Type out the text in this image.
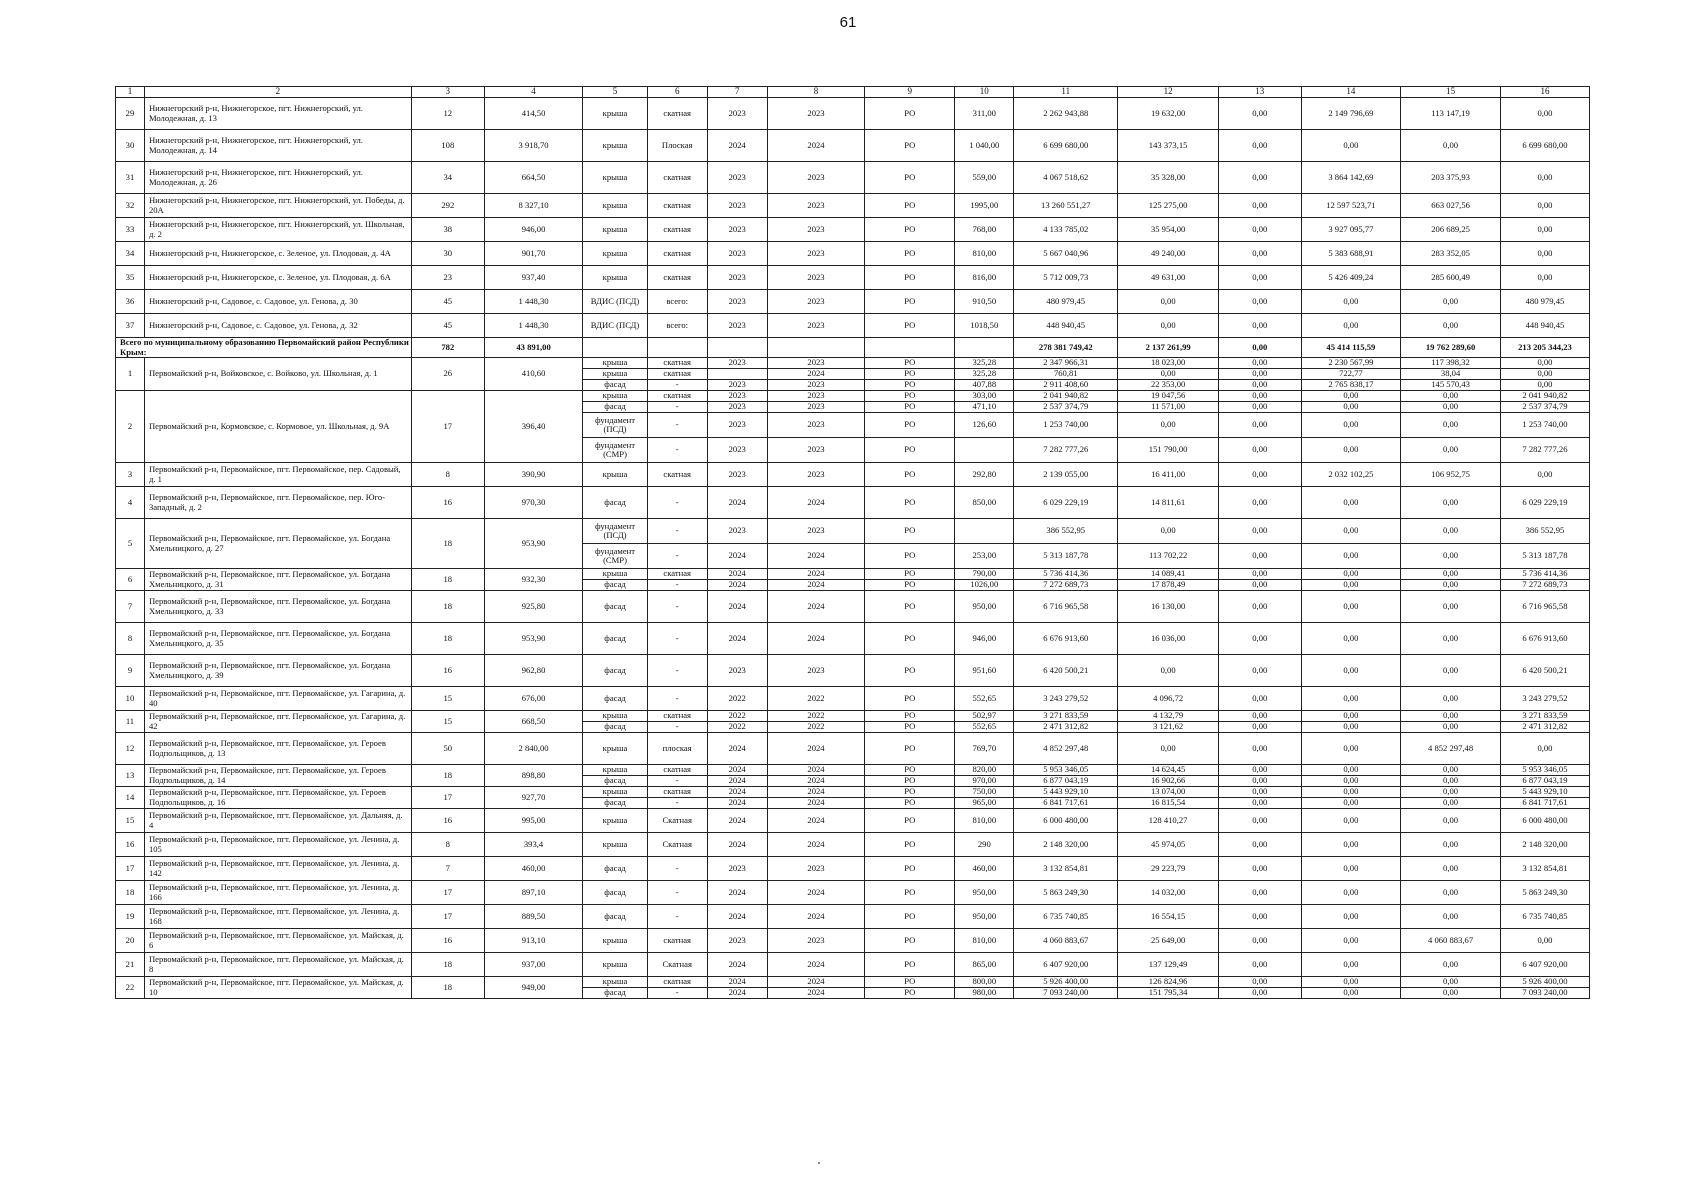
61
1	2	3	4	5	6	7	8	9	10	11	12	13	14	15	16
29	Нижнегорский р-н, Нижнегорское, пгт. Нижнегорский, ул. Молодежная, д. 13	12	414,50	крыша	скатная	2023	2023	РО	311,00	2 262 943,88	19 632,00	0,00	2 149 796,69	113 147,19	0,00
30	Нижнегорский р-н, Нижнегорское, пгт. Нижнегорский, ул. Молодежная, д. 14	108	3 918,70	крыша	Плоская	2024	2024	РО	1 040,00	6 699 680,00	143 373,15	0,00	0,00	0,00	6 699 680,00
31	Нижнегорский р-н, Нижнегорское, пгт. Нижнегорский, ул. Молодежная, д. 26	34	664,50	крыша	скатная	2023	2023	РО	559,00	4 067 518,62	35 328,00	0,00	3 864 142,69	203 375,93	0,00
32	Нижнегорский р-н, Нижнегорское, пгт. Нижнегорский, ул. Победы, д. 20А	292	8 327,10	крыша	скатная	2023	2023	РО	1995,00	13 260 551,27	125 275,00	0,00	12 597 523,71	663 027,56	0,00
33	Нижнегорский р-н, Нижнегорское, пгт. Нижнегорский, ул. Школьная, д. 2	38	946,00	крыша	скатная	2023	2023	РО	768,00	4 133 785,02	35 954,00	0,00	3 927 095,77	206 689,25	0,00
34	Нижнегорский р-н, Нижнегорское, с. Зеленое, ул. Плодовая, д. 4А	30	901,70	крыша	скатная	2023	2023	РО	810,00	5 667 040,96	49 240,00	0,00	5 383 688,91	283 352,05	0,00
35	Нижнегорский р-н, Нижнегорское, с. Зеленое, ул. Плодовая, д. 6А	23	937,40	крыша	скатная	2023	2023	РО	816,00	5 712 009,73	49 631,00	0,00	5 426 409,24	285 600,49	0,00
36	Нижнегорский р-н, Садовое, с. Садовое, ул. Генова, д. 30	45	1 448,30	ВДИС (ПСД)	всего:	2023	2023	РО	910,50	480 979,45	0,00	0,00	0,00	0,00	480 979,45
37	Нижнегорский р-н, Садовое, с. Садовое, ул. Генова, д. 32	45	1 448,30	ВДИС (ПСД)	всего:	2023	2023	РО	1018,50	448 940,45	0,00	0,00	0,00	0,00	448 940,45
Всего по муниципальному образованию Первомайский район Республики Крым:		782	43 891,00							278 381 749,42	2 137 261,99	0,00	45 414 115,59	19 762 289,60	213 205 344,23
1	Первомайский р-н, Войковское, с. Войково, ул. Школьная, д. 1	26	410,60	крыша	скатная	2023	2023	РО	325,28	2 347 966,31	18 023,00	0,00	2 230 567,99	117 398,32	0,00
				крыша	скатная		2024	РО	325,28	760,81	0,00	0,00	722,77	38,04	0,00
				фасад	-	2023	2023	РО	407,88	2 911 408,60	22 353,00	0,00	2 765 838,17	145 570,43	0,00
2	Первомайский р-н, Кормовское, с. Кормовое, ул. Школьная, д. 9А	17	396,40	крыша	скатная	2023	2023	РО	303,00	2 041 940,82	19 047,56	0,00	0,00	0,00	2 041 940,82
				фасад	-	2023	2023	РО	471,10	2 537 374,79	11 571,00	0,00	0,00	0,00	2 537 374,79
				фундамент (ПСД)	-	2023	2023	РО	126,60	1 253 740,00	0,00	0,00	0,00	0,00	1 253 740,00
				фундамент (СМР)	-	2023	2023	РО		7 282 777,26	151 790,00	0,00	0,00	0,00	7 282 777,26
3	Первомайский р-н, Первомайское, пгт. Первомайское, пер. Садовый, д. 1	8	390,90	крыша	скатная	2023	2023	РО	292,80	2 139 055,00	16 411,00	0,00	2 032 102,25	106 952,75	0,00
4	Первомайский р-н, Первомайское, пгт. Первомайское, пер. Юго-Западный, д. 2	16	970,30	фасад	-	2024	2024	РО	850,00	6 029 229,19	14 811,61	0,00	0,00	0,00	6 029 229,19
5	Первомайский р-н, Первомайское, пгт. Первомайское, ул. Богдана Хмельницкого, д. 27	18	953,90	фундамент (ПСД)	-	2023	2023	РО		386 552,95	0,00	0,00	0,00	0,00	386 552,95
				фундамент (СМР)	-	2024	2024	РО	253,00	5 313 187,78	113 702,22	0,00	0,00	0,00	5 313 187,78
6	Первомайский р-н, Первомайское, пгт. Первомайское, ул. Богдана Хмельницкого, д. 31	18	932,30	крыша	скатная	2024	2024	РО	790,00	5 736 414,36	14 089,41	0,00	0,00	0,00	5 736 414,36
				фасад	-	2024	2024	РО	1026,00	7 272 689,73	17 878,49	0,00	0,00	0,00	7 272 689,73
7	Первомайский р-н, Первомайское, пгт. Первомайское, ул. Богдана Хмельницкого, д. 33	18	925,80	фасад	-	2024	2024	РО	950,00	6 716 965,58	16 130,00	0,00	0,00	0,00	6 716 965,58
8	Первомайский р-н, Первомайское, пгт. Первомайское, ул. Богдана Хмельницкого, д. 35	18	953,90	фасад	-	2024	2024	РО	946,00	6 676 913,60	16 036,00	0,00	0,00	0,00	6 676 913,60
9	Первомайский р-н, Первомайское, пгт. Первомайское, ул. Богдана Хмельницкого, д. 39	16	962,80	фасад	-	2023	2023	РО	951,60	6 420 500,21	0,00	0,00	0,00	0,00	6 420 500,21
10	Первомайский р-н, Первомайское, пгт. Первомайское, ул. Гагарина, д. 40	15	676,00	фасад	-	2022	2022	РО	552,65	3 243 279,52	4 096,72	0,00	0,00	0,00	3 243 279,52
11	Первомайский р-н, Первомайское, пгт. Первомайское, ул. Гагарина, д. 42	15	668,50	крыша	скатная	2022	2022	РО	502,97	3 271 833,59	4 132,79	0,00	0,00	0,00	3 271 833,59
				фасад	-	2022	2022	РО	552,65	2 471 312,82	3 121,62	0,00	0,00	0,00	2 471 312,82
12	Первомайский р-н, Первомайское, пгт. Первомайское, ул. Героев Подпольщиков, д. 13	50	2 840,00	крыша	плоская	2024	2024	РО	769,70	4 852 297,48	0,00	0,00	0,00	4 852 297,48	0,00
13	Первомайский р-н, Первомайское, пгт. Первомайское, ул. Героев Подпольщиков, д. 14	18	898,80	крыша	скатная	2024	2024	РО	820,00	5 953 346,05	14 624,45	0,00	0,00	0,00	5 953 346,05
				фасад	-	2024	2024	РО	970,00	6 877 043,19	16 902,66	0,00	0,00	0,00	6 877 043,19
14	Первомайский р-н, Первомайское, пгт. Первомайское, ул. Героев Подпольщиков, д. 16	17	927,70	крыша	скатная	2024	2024	РО	750,00	5 443 929,10	13 074,00	0,00	0,00	0,00	5 443 929,10
				фасад	-	2024	2024	РО	965,00	6 841 717,61	16 815,54	0,00	0,00	0,00	6 841 717,61
15	Первомайский р-н, Первомайское, пгт. Первомайское, ул. Дальняя, д. 4	16	995,00	крыша	Скатная	2024	2024	РО	810,00	6 000 480,00	128 410,27	0,00	0,00	0,00	6 000 480,00
16	Первомайский р-н, Первомайское, пгт. Первомайское, ул. Ленина, д. 105	8	393,4	крыша	Скатная	2024	2024	РО	290	2 148 320,00	45 974,05	0,00	0,00	0,00	2 148 320,00
17	Первомайский р-н, Первомайское, пгт. Первомайское, ул. Ленина, д. 142	7	460,00	фасад	-	2023	2023	РО	460,00	3 132 854,81	29 223,79	0,00	0,00	0,00	3 132 854,81
18	Первомайский р-н, Первомайское, пгт. Первомайское, ул. Ленина, д. 166	17	897,10	фасад	-	2024	2024	РО	950,00	5 863 249,30	14 032,00	0,00	0,00	0,00	5 863 249,30
19	Первомайский р-н, Первомайское, пгт. Первомайское, ул. Ленина, д. 168	17	889,50	фасад	-	2024	2024	РО	950,00	6 735 740,85	16 554,15	0,00	0,00	0,00	6 735 740,85
20	Первомайский р-н, Первомайское, пгт. Первомайское, ул. Майская, д. 6	16	913,10	крыша	скатная	2023	2023	РО	810,00	4 060 883,67	25 649,00	0,00	0,00	4 060 883,67	0,00
21	Первомайский р-н, Первомайское, пгт. Первомайское, ул. Майская, д. 8	18	937,00	крыша	Скатная	2024	2024	РО	865,00	6 407 920,00	137 129,49	0,00	0,00	0,00	6 407 920,00
22	Первомайский р-н, Первомайское, пгт. Первомайское, ул. Майская, д. 10	18	949,00	крыша	скатная	2024	2024	РО	800,00	5 926 400,00	126 824,96	0,00	0,00	0,00	5 926 400,00
				фасад	-	2024	2024	РО	980,00	7 093 240,00	151 795,34	0,00	0,00	0,00	7 093 240,00
